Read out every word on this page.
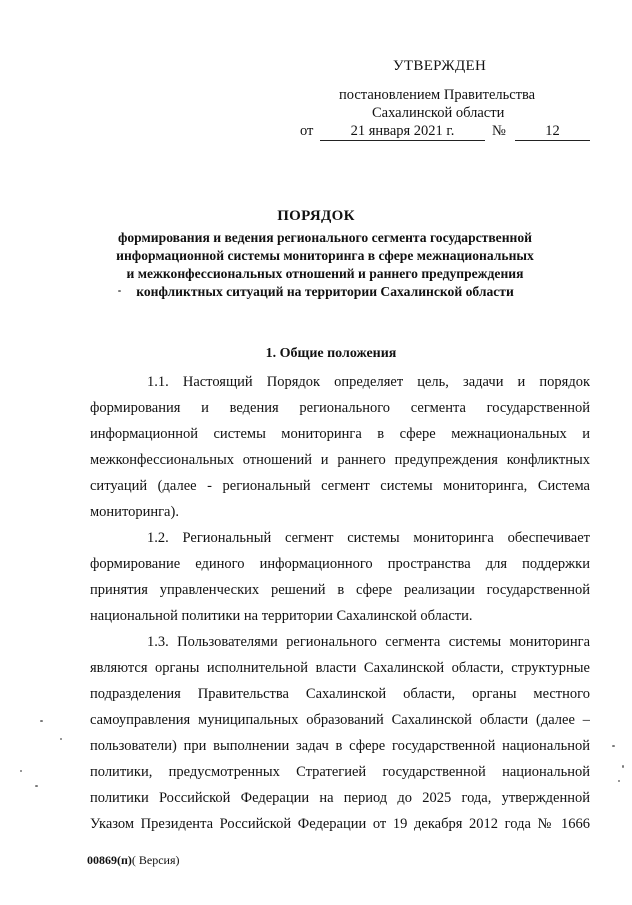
УТВЕРЖДЕН
постановлением Правительства
Сахалинской области
от	21 января 2021 г.	№	12
ПОРЯДОК
формирования и ведения регионального сегмента государственной
информационной системы мониторинга в сфере межнациональных
и межконфессиональных отношений и раннего предупреждения
конфликтных ситуаций на территории Сахалинской области
1. Общие положения
1.1. Настоящий Порядок определяет цель, задачи и порядок
формирования и ведения регионального сегмента государственной
информационной системы мониторинга в сфере межнациональных и
межконфессиональных отношений и раннего предупреждения конфликтных
ситуаций (далее - региональный сегмент системы мониторинга, Система
мониторинга).
1.2. Региональный сегмент системы мониторинга обеспечивает
формирование единого информационного пространства для поддержки
принятия управленческих решений в сфере реализации государственной
национальной политики на территории Сахалинской области.
1.3. Пользователями регионального сегмента системы мониторинга
являются органы исполнительной власти Сахалинской области, структурные
подразделения Правительства Сахалинской области, органы местного
самоуправления муниципальных образований Сахалинской области (далее –
пользователи) при выполнении задач в сфере государственной национальной
политики, предусмотренных Стратегией государственной национальной
политики Российской Федерации на период до 2025 года, утвержденной
Указом Президента Российской Федерации от 19 декабря 2012 года № 1666
00869(п)( Версия)
